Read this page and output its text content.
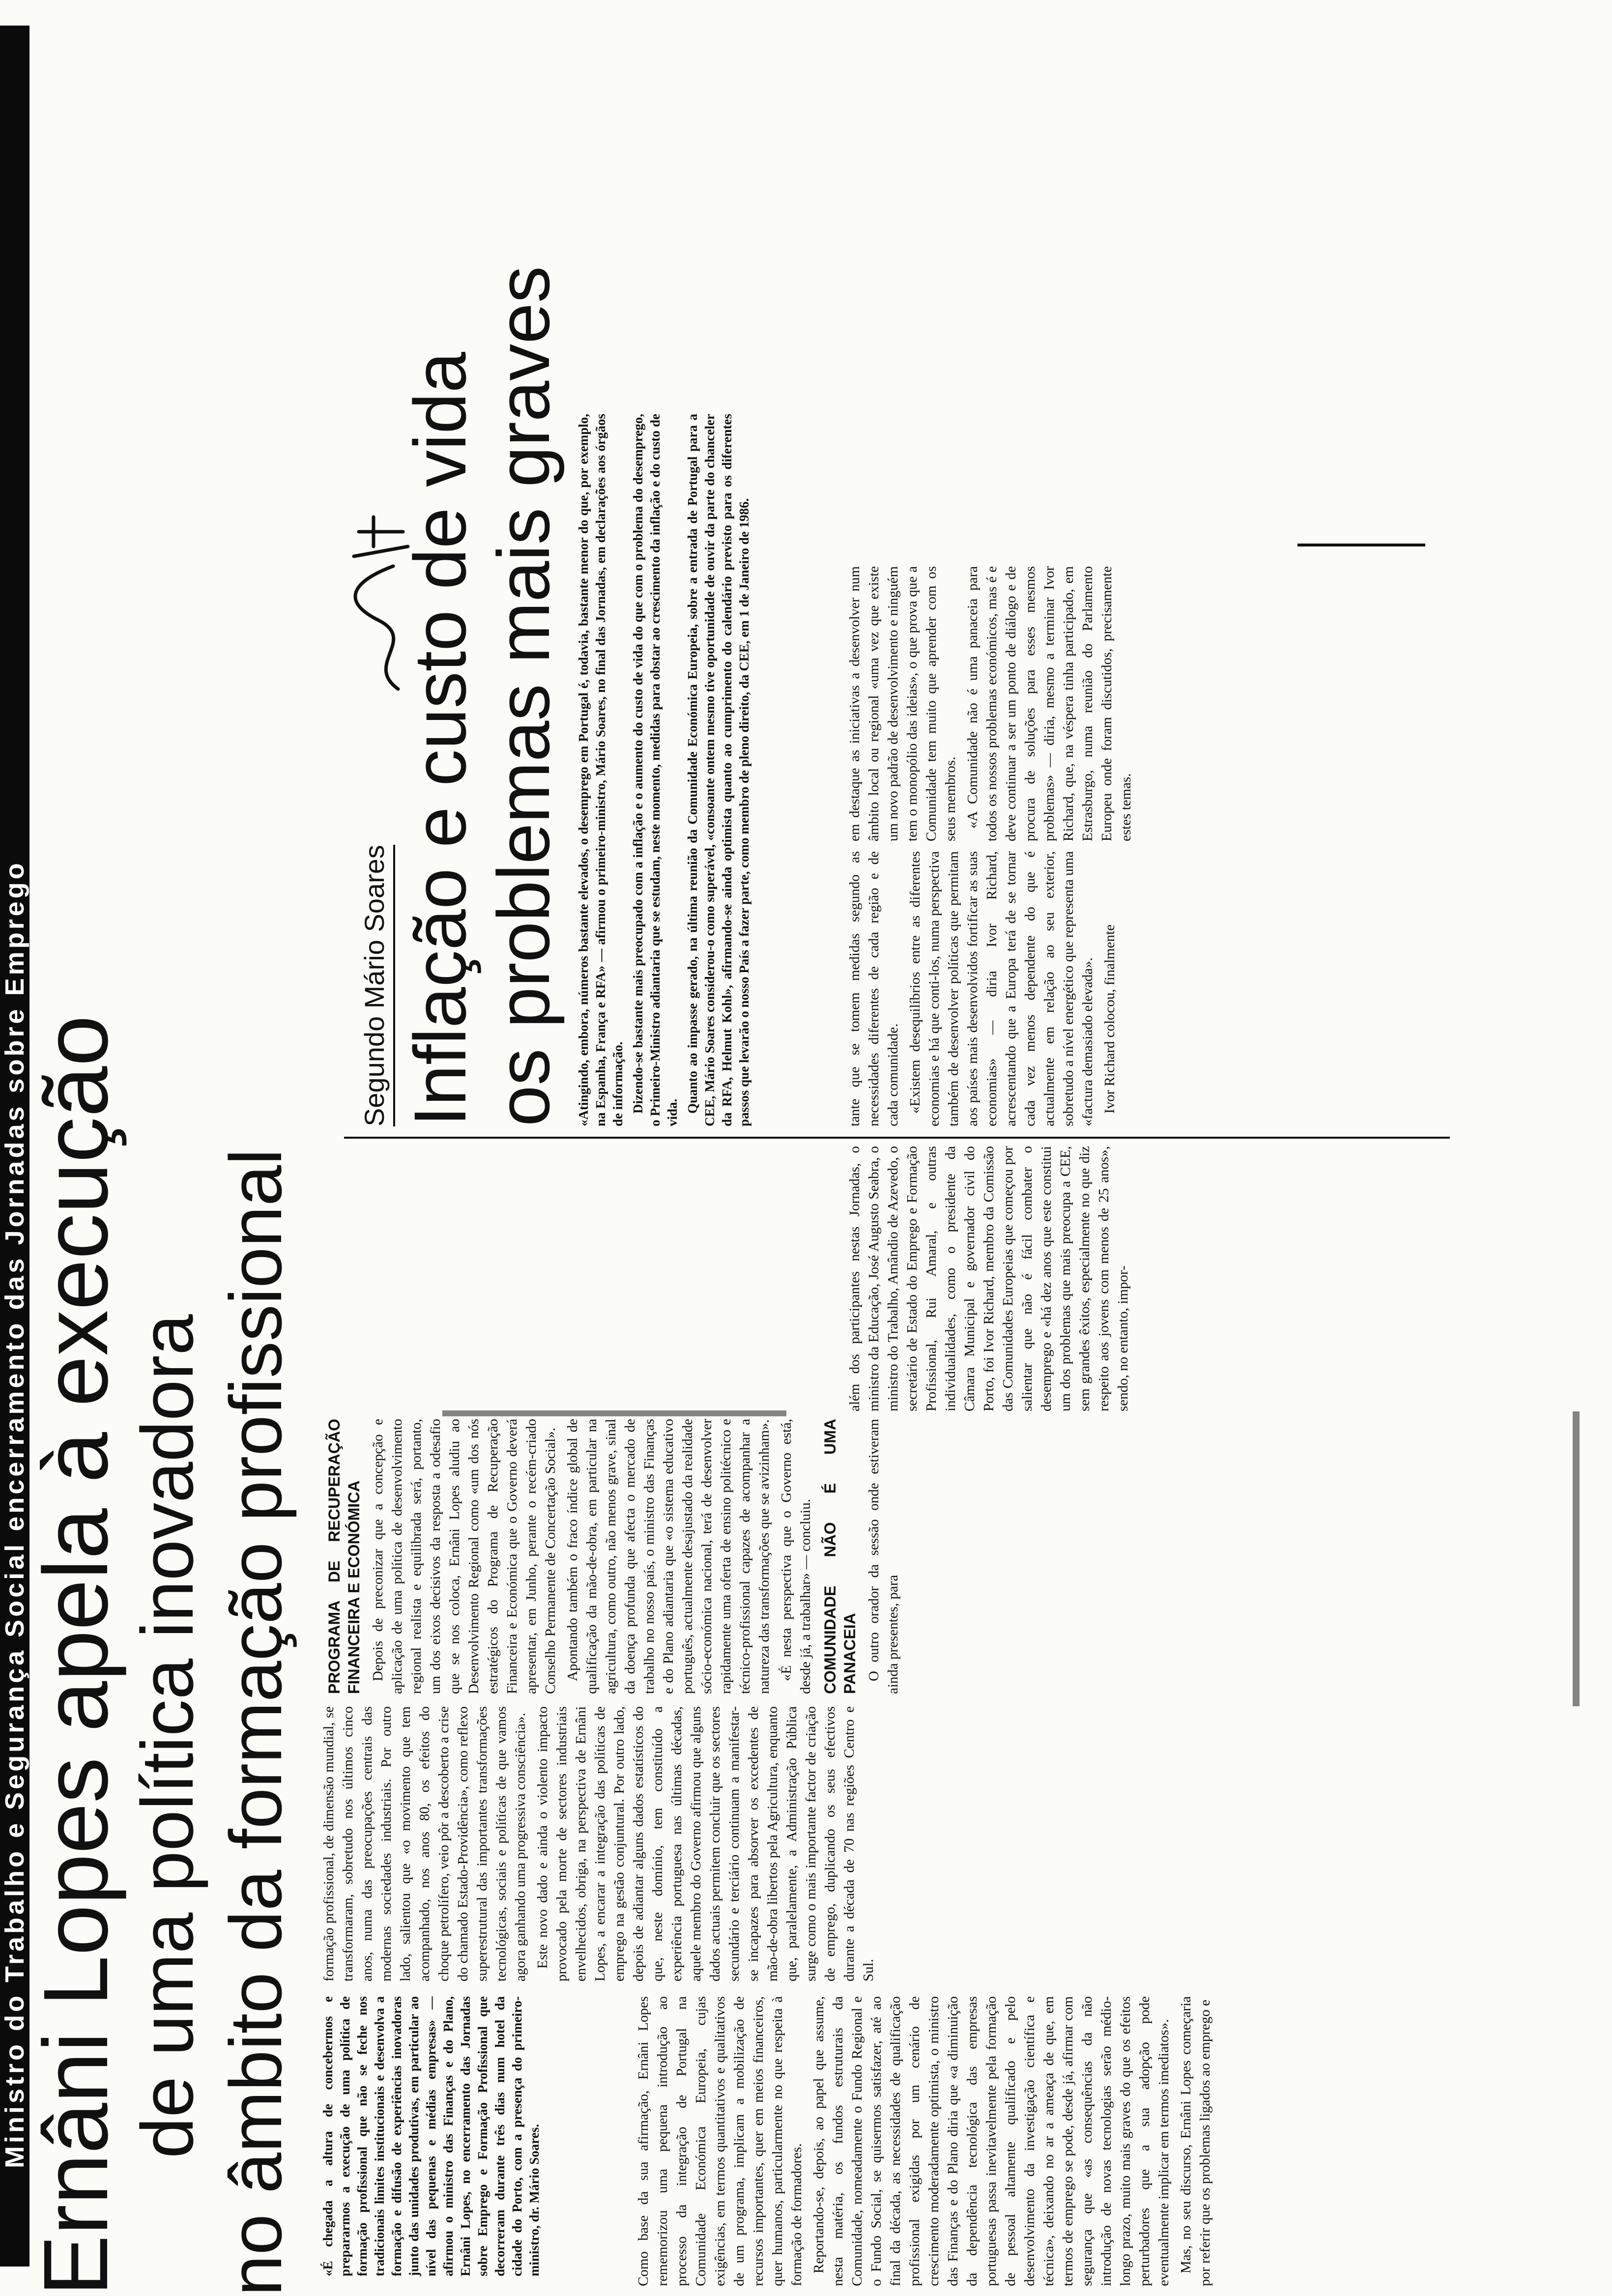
Ministro do Trabalho e Segurança Social encerramento das Jornadas sobre Emprego
Ernâni Lopes apela à execução
de uma política inovadora no âmbito da formação profissional «É chegada a altura de concebermos e prepararmos a execução de uma política de formação profissional que não se feche nos tradicionais limites institucionais e desenvolva a formação e difusão de experiências inovadoras junto das unidades produtivas, em particular ao nível das pequenas e médias empresas» — afirmou o ministro das Finanças e do Plano, Ernâni Lopes, no encerramento das Jornadas sobre Emprego e Formação Profissional que decorreram durante três dias num hotel da cidade do Porto, com a presença do primeiro-ministro, dr. Mário Soares.	Como base da sua afirmação, Ernâni Lopes rememorizou uma pequena introdução ao processo da integração de Portugal na Comunidade Económica Europeia, cujas exigências, em termos quantitativos e qualitativos de um programa, implicam a mobilização de recursos importantes, quer em meios financeiros, quer humanos, particularmente no que respeita à formação de formadores. Reportando-se, depois, ao papel que assume, nesta matéria, os fundos estruturais da Comunidade, nomeadamente o Fundo Regional e o Fundo Social, se quisermos satisfazer, até ao final da década, as necessidades de qualificação profissional exigidas por um cenário de crescimento moderadamente optimista, o ministro das Finanças e do Plano diria que «a diminuição da dependência tecnológica das empresas portuguesas passa inevitavelmente pela formação de pessoal altamente qualificado e pelo desenvolvimento da investigação científica e técnica», deixando no ar a ameaça de que, em termos de emprego se pode, desde já, afirmar com segurança que «as consequências da não introdução de novas tecnologias serão médio-longo prazo, muito mais graves do que os efeitos perturbadores que a sua adopção pode eventualmente implicar em termos imediatos». Mas, no seu discurso, Ernâni Lopes começaria por referir que os problemas ligados ao emprego e

formação profissional, de dimensão mundial, se transformaram, sobretudo nos últimos cinco anos, numa das preocupações centrais das modernas sociedades industriais. Por outro lado, salientou que «o movimento que tem acompanhado, nos anos 80, os efeitos do choque petrolífero, veio pôr a descoberto a crise do chamado Estado-Providência», como reflexo superestrutural das importantes transformações tecnológicas, sociais e políticas de que vamos agora ganhando uma progressiva consciência». Este novo dado e ainda o violento impacto provocado pela morte de sectores industriais envelhecidos, obriga, na perspectiva de Ernâni Lopes, a encarar a integração das políticas de emprego na gestão conjuntural. Por outro lado, depois de adiantar alguns dados estatísticos do que, neste domínio, tem constituído a experiência portuguesa nas últimas décadas, aquele membro do Governo afirmou que alguns dados actuais permitem concluir que os sectores secundário e terciário continuam a manifestar-se incapazes para absorver os excedentes de mão-de-obra libertos pela Agricultura, enquanto que, paralelamente, a Administração Pública surge como o mais importante factor de criação de emprego, duplicando os seus efectivos durante a década de 70 nas regiões Centro e Sul.

PROGRAMA DE RECUPERAÇÃO FINANCEIRA E ECONÓMICA Depois de preconizar que a concepção e aplicação de uma política de desenvolvimento regional realista e equilibrada será, portanto, um dos eixos decisivos da resposta a odesafio que se nos coloca, Ernâni Lopes aludiu ao Desenvolvimento Regional como «um dos nós estratégicos do Programa de Recuperação Financeira e Económica que o Governo deverá apresentar, em Junho, perante o recém-criado Conselho Permanente de Concertação Social». Apontando também o fraco índice global de qualificação da mão-de-obra, em particular na agricultura, como outro, não menos grave, sinal da doença profunda que afecta o mercado de trabalho no nosso país, o ministro das Finanças e do Plano adiantaria que «o sistema educativo português, actualmente desajustado da realidade sócio-económica nacional, terá de desenvolver rapidamente uma oferta de ensino politécnico e técnico-profissional capazes de acompanhar a natureza das transformações que se avizinham». «É nesta perspectiva que o Governo está, desde já, a trabalhar» — concluiu. COMUNIDADE NÃO É UMA PANACEIA O outro orador da sessão onde estiveram ainda presentes, para

além dos participantes nestas Jornadas, o ministro da Educação, José Augusto Seabra, o ministro do Trabalho, Amândio de Azevedo, o secretário de Estado do Emprego e Formação Profissional, Rui Amaral, e outras individualidades, como o presidente da Câmara Municipal e governador civil do Porto, foi Ivor Richard, membro da Comissão das Comunidades Europeias que começou por salientar que não é fácil combater o desemprego e «há dez anos que este constitui um dos problemas que mais preocupa a CEE, sem grandes êxitos, especialmente no que diz respeito aos jovens com menos de 25 anos», sendo, no entanto, impor-

Segundo Mário Soares Inflação e custo de vida os problemas mais graves «Atingindo, embora, números bastante elevados, o desemprego em Portugal é, todavia, bastante menor do que, por exemplo, na Espanha, França e RFA» — afirmou o primeiro-ministro, Mário Soares, no final das Jornadas, em declarações aos órgãos de informação. Dizendo-se bastante mais preocupado com a inflação e o aumento do custo de vida do que com o problema do desemprego, o Primeiro-Ministro adiantaria que se estudam, neste momento, medidas para obstar ao crescimento da inflação e do custo de vida. Quanto ao impasse gerado, na última reunião da Comunidade Económica Europeia, sobre a entrada de Portugal para a CEE, Mário Soares considerou-o como superável, «consoante ontem mesmo tive oportunidade de ouvir da parte do chanceler da RFA, Helmut Kohl», afirmando-se ainda optimista quanto ao cumprimento do calendário previsto para os diferentes passos que levarão o nosso País a fazer parte, como membro de pleno direito, da CEE, em 1 de Janeiro de 1986.	tante que se tomem medidas segundo as necessidades diferentes de cada região e de cada comunidade. «Existem desequilíbrios entre as diferentes economias e há que conti-los, numa perspectiva também de desenvolver políticas que permitam aos países mais desenvolvidos fortificar as suas economias» — diria Ivor Richard, acrescentando que a Europa terá de se tornar cada vez menos dependente do que é actualmente em relação ao seu exterior, sobretudo a nível energético que representa uma «factura demasiado elevada». Ivor Richard colocou, finalmente

em destaque as iniciativas a desenvolver num âmbito local ou regional «uma vez que existe um novo padrão de desenvolvimento e ninguém tem o monopólio das ideias», o que prova que a Comunidade tem muito que aprender com os seus membros. «A Comunidade não é uma panaceia para todos os nossos problemas económicos, mas é e deve continuar a ser um ponto de diálogo e de procura de soluções para esses mesmos problemas» — diria, mesmo a terminar Ivor Richard, que, na véspera tinha participado, em Estrasburgo, numa reunião do Parlamento Europeu onde foram discutidos, precisamente estes temas.
